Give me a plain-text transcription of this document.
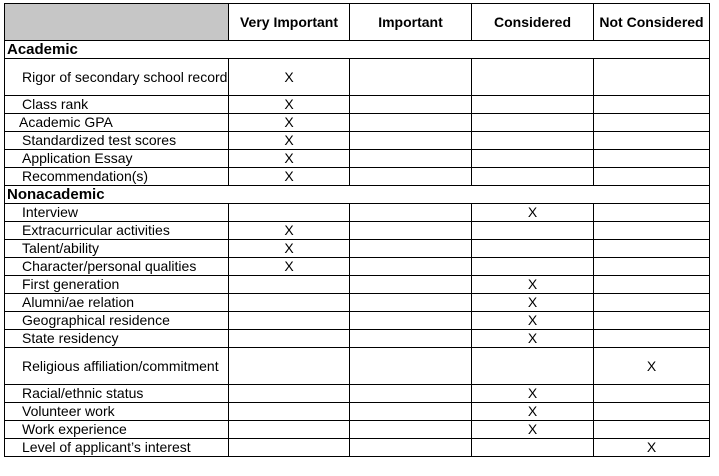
	Very Important	Important	Considered	Not Considered
Academic				
Rigor of secondary school record	X			
Class rank	X			
Academic GPA	X			
Standardized test scores	X			
Application Essay	X			
Recommendation(s)	X			
Nonacademic				
Interview			X	
Extracurricular activities	X			
Talent/ability	X			
Character/personal qualities	X			
First generation			X	
Alumni/ae relation			X	
Geographical residence			X	
State residency			X	
Religious affiliation/commitment				X
Racial/ethnic status			X	
Volunteer work			X	
Work experience			X	
Level of applicant’s interest				X
